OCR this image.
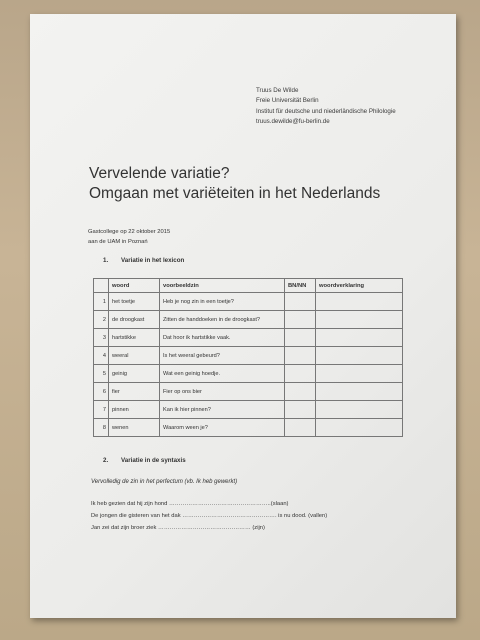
Truus De Wilde
Freie Universität Berlin
Institut für deutsche und niederländische Philologie
truus.dewilde@fu-berlin.de
Vervelende variatie?
Omgaan met variëteiten in het Nederlands
Gastcollege op 22 oktober 2015
aan de UAM in Poznań
1. Variatie in het lexicon
	woord	voorbeeldzin	BN/NN	woordverklaring
1	het toetje	Heb je nog zin in een toetje?		
2	de droogkast	Zitten de handdoeken in de droogkast?		
3	hartstikke	Dat hoor ik hartstikke vaak.		
4	weeral	Is het weeral gebeurd?		
5	geinig	Wat een geinig hoedje.		
6	fier	Fier op ons bier		
7	pinnen	Kan ik hier pinnen?		
8	wenen	Waarom ween je?		
2. Variatie in de syntaxis
Vervolledig de zin in het perfectum (vb. Ik heb gewerkt)
Ik heb gezien dat hij zijn hond ……………………………………………..(slaan)
De jongen die gisteren van het dak …………………………………………. is nu dood. (vallen)
Jan zei dat zijn broer ziek ………………………………………… (zijn)
